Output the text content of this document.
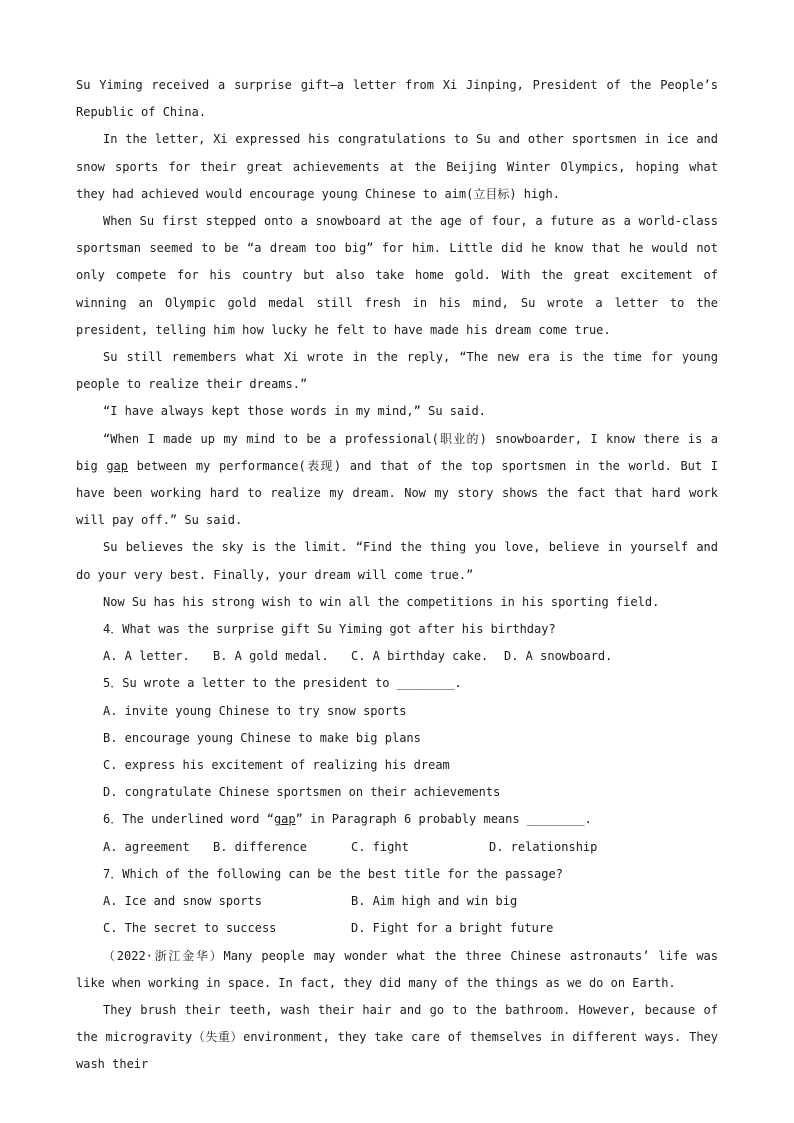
Su Yiming received a surprise gift—a letter from Xi Jinping, President of the People’s Republic of China.

In the letter, Xi expressed his congratulations to Su and other sportsmen in ice and snow sports for their great achievements at the Beijing Winter Olympics, hoping what they had achieved would encourage young Chinese to aim(立目标) high.

When Su first stepped onto a snowboard at the age of four, a future as a world-class sportsman seemed to be “a dream too big” for him. Little did he know that he would not only compete for his country but also take home gold. With the great excitement of winning an Olympic gold medal still fresh in his mind, Su wrote a letter to the president, telling him how lucky he felt to have made his dream come true.

Su still remembers what Xi wrote in the reply, “The new era is the time for young people to realize their dreams.”

“I have always kept those words in my mind,” Su said.

“When I made up my mind to be a professional(职业的) snowboarder, I know there is a big gap between my performance(表现) and that of the top sportsmen in the world. But I have been working hard to realize my dream. Now my story shows the fact that hard work will pay off.” Su said.

Su believes the sky is the limit. “Find the thing you love, believe in yourself and do your very best. Finally, your dream will come true.”

Now Su has his strong wish to win all the competitions in his sporting field.

4．What was the surprise gift Su Yiming got after his birthday?

A. A letter.	B. A gold medal.	C. A birthday cake.	D. A snowboard.

5．Su wrote a letter to the president to ________.

A. invite young Chinese to try snow sports

B. encourage young Chinese to make big plans

C. express his excitement of realizing his dream

D. congratulate Chinese sportsmen on their achievements

6．The underlined word “gap” in Paragraph 6 probably means ________.

A. agreement	B. difference	C. fight	D. relationship

7．Which of the following can be the best title for the passage?

A. Ice and snow sports	B. Aim high and win big
C. The secret to success	D. Fight for a bright future

（2022·浙江金华）Many people may wonder what the three Chinese astronauts’ life was like when working in space. In fact, they did many of the things as we do on Earth.

They brush their teeth, wash their hair and go to the bathroom. However, because of the microgravity（失重）environment, they take care of themselves in different ways. They wash their
